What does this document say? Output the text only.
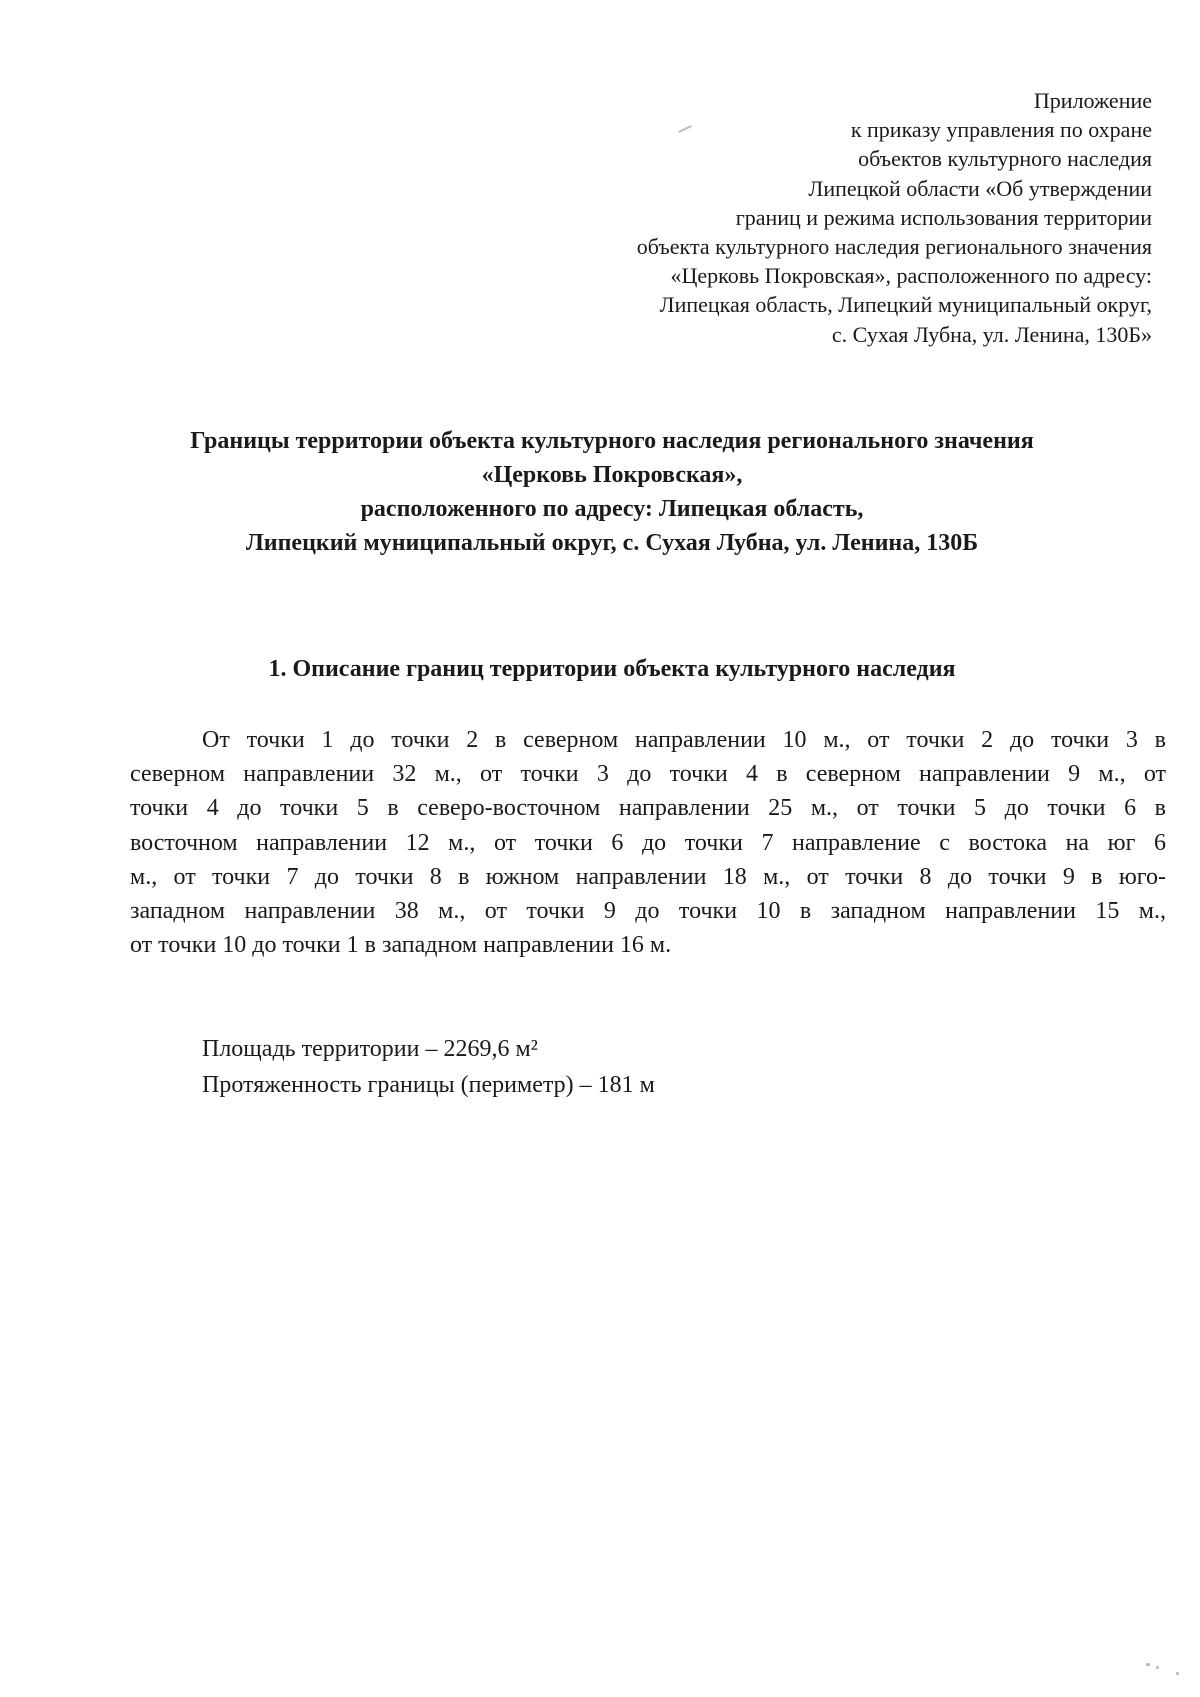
Приложение
к приказу управления по охране
объектов культурного наследия
Липецкой области «Об утверждении
границ и режима использования территории
объекта культурного наследия регионального значения
«Церковь Покровская», расположенного по адресу:
Липецкая область, Липецкий муниципальный округ,
с. Сухая Лубна, ул. Ленина, 130Б»
Границы территории объекта культурного наследия регионального значения
«Церковь Покровская»,
расположенного по адресу: Липецкая область,
Липецкий муниципальный округ, с. Сухая Лубна, ул. Ленина, 130Б
1. Описание границ территории объекта культурного наследия
От точки 1 до точки 2 в северном направлении 10 м., от точки 2 до точки 3 в
северном направлении 32 м., от точки 3 до точки 4 в северном направлении 9 м., от
точки 4 до точки 5 в северо-восточном направлении 25 м., от точки 5 до точки 6 в
восточном направлении 12 м., от точки 6 до точки 7 направление с востока на юг 6
м., от точки 7 до точки 8 в южном направлении 18 м., от точки 8 до точки 9 в юго-
западном направлении 38 м., от точки 9 до точки 10 в западном направлении 15 м.,
от точки 10 до точки 1 в западном направлении 16 м.
Площадь территории – 2269,6 м²
Протяженность границы (периметр) – 181 м
